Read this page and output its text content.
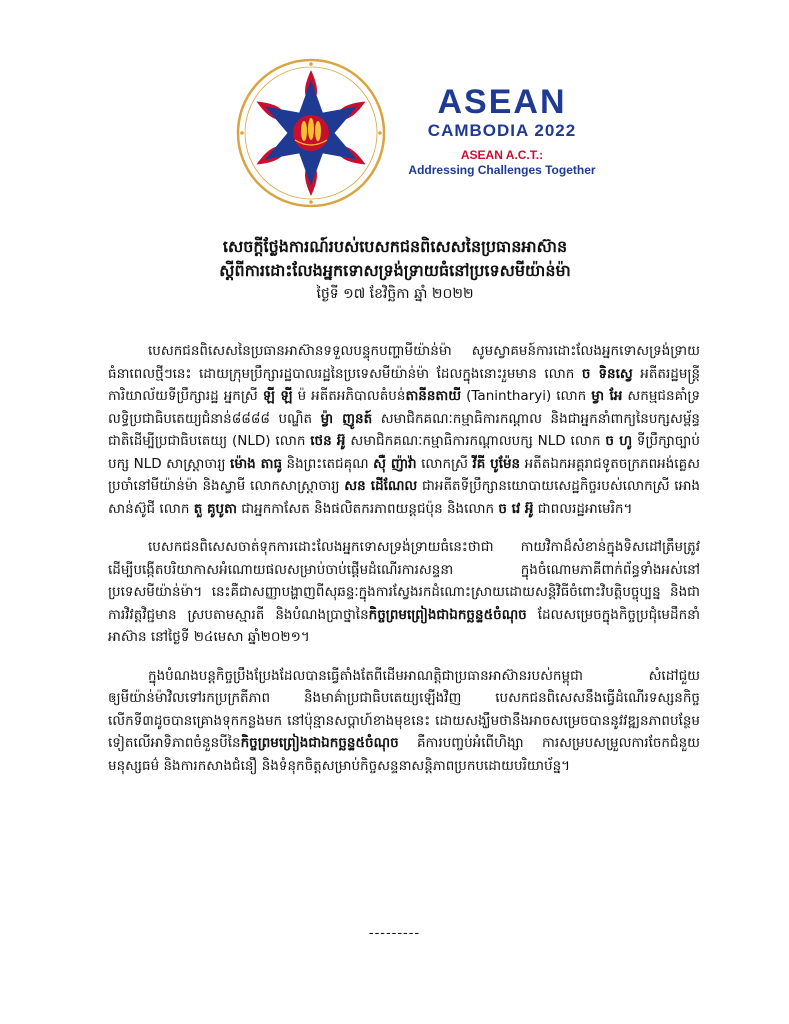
ASEAN
CAMBODIA 2022
ASEAN A.C.T.:
Addressing Challenges Together
សេចក្តីថ្លែងការណ៍របស់បេសកជនពិសេសនៃប្រធានអាស៊ាន
ស្តីពីការដោះលែងអ្នកទោសទ្រង់ទ្រាយធំនៅប្រទេសមីយ៉ាន់ម៉ា
ថ្ងៃទី ១៧ ខែវិច្ឆិកា ឆ្នាំ ២០២២

បេសកជនពិសេសនៃប្រធានអាស៊ានទទួលបន្ទុកបញ្ហាមីយ៉ាន់ម៉ា សូមស្វាគមន៍ការដោះលែងអ្នកទោសទ្រង់ទ្រាយធំនាពេលថ្មីៗនេះ ដោយក្រុមប្រឹក្សារដ្ឋបាលរដ្ឋនៃប្រទេសមីយ៉ាន់ម៉ា ដែលក្នុងនោះរួមមាន លោក ច ទិនស្វេ អតីតរដ្ឋមន្ត្រីការិយាល័យទីប្រឹក្សារដ្ឋ អ្នកស្រី ឡី ឡី ម៉ អតីតអភិបាលតំបន់តានីនតាយី (Tanintharyi) លោក ម្វា អែ សកម្មជនគាំទ្រលទ្ធិប្រជាធិបតេយ្យជំនាន់៨៨៨៨ បណ្ឌិត ម៉្វា ញូនត៍ សមាជិកគណៈកម្មាធិការកណ្តាល និងជាអ្នកនាំពាក្យនៃបក្សសម្ព័ន្ធជាតិដើម្បីប្រជាធិបតេយ្យ (NLD) លោក ថេន អ៊ូ សមាជិកគណៈកម្មាធិការកណ្តាលបក្ស NLD លោក ច ហូ ទីប្រឹក្សាច្បាប់បក្ស NLD សាស្ត្រាចារ្យ ម៉ោង តាធូ និងព្រះតេជគុណ ស៊ឺ ញ៉ាវ៉ា លោកស្រី វីគី បូម៉ែន អតីតឯកអគ្គរាជទូតចក្រភពអង់គ្លេសប្រចាំនៅមីយ៉ាន់ម៉ា និងស្វាមី លោកសាស្ត្រាចារ្យ សន ដើណែល ជាអតីតទីប្រឹក្សានយោបាយសេដ្ឋកិច្ចរបស់លោកស្រី អោង សាន់ស៊ូជី លោក តួ គូបូតា ជាអ្នកកាសែត និងផលិតករភាពយន្តជប៉ុន និងលោក ច វេ អ៊ូ ជាពលរដ្ឋអាមេរិក។

បេសកជនពិសេសចាត់ទុកការដោះលែងអ្នកទោសទ្រង់ទ្រាយធំនេះថាជា កាយវិកាដ៏សំខាន់ក្នុងទិសដៅត្រឹមត្រូវ ដើម្បីបង្កើតបរិយាកាសអំណោយផលសម្រាប់ចាប់ផ្តើមដំណើរការសន្ទនា ក្នុងចំណោមភាគីពាក់ព័ន្ធទាំងអស់នៅប្រទេសមីយ៉ាន់ម៉ា។ នេះគឺជាសញ្ញាបង្ហាញពីសុឆន្ទៈក្នុងការស្វែងរកដំណោះស្រាយដោយសន្តិវិធីចំពោះវិបត្តិបច្ចុប្បន្ន និងជាការវិវត្តវិជ្ជមាន ស្របតាមស្មារតី និងបំណងប្រាថ្នានៃកិច្ចព្រមព្រៀងជាឯកច្ឆន្ទ៥ចំណុច ដែលសម្រេចក្នុងកិច្ចប្រជុំមេដឹកនាំអាស៊ាន នៅថ្ងៃទី ២៤មេសា ឆ្នាំ២០២១។

ក្នុងបំណងបន្តកិច្ចប្រឹងប្រែងដែលបានធ្វើតាំងតែពីដើមអាណត្តិជាប្រធានអាស៊ានរបស់កម្ពុជា សំដៅជួយឲ្យមីយ៉ាន់ម៉ាវិលទៅរកប្រក្រតីភាព និងមាគ៌ាប្រជាធិបតេយ្យឡើងវិញ បេសកជនពិសេសនឹងធ្វើដំណើរទស្សនកិច្ចលើកទី៣ដូចបានគ្រោងទុកកន្លងមក នៅប៉ុន្មានសប្តាហ៍ខាងមុខនេះ ដោយសង្ឃឹមថានឹងអាចសម្រេចបាននូវវឌ្ឍនភាពបន្ថែមទៀតលើអាទិភាពចំនួនបីនៃកិច្ចព្រមព្រៀងជាឯកច្ឆន្ទ៥ចំណុច គឺការបញ្ចប់អំពើហិង្សា ការសម្របសម្រួលការចែកជំនួយមនុស្សធម៌ និងការកសាងជំនឿ និងទំនុកចិត្តសម្រាប់កិច្ចសន្ទនាសន្តិភាពប្រកបដោយបរិយាប័ន្ន។

---------
